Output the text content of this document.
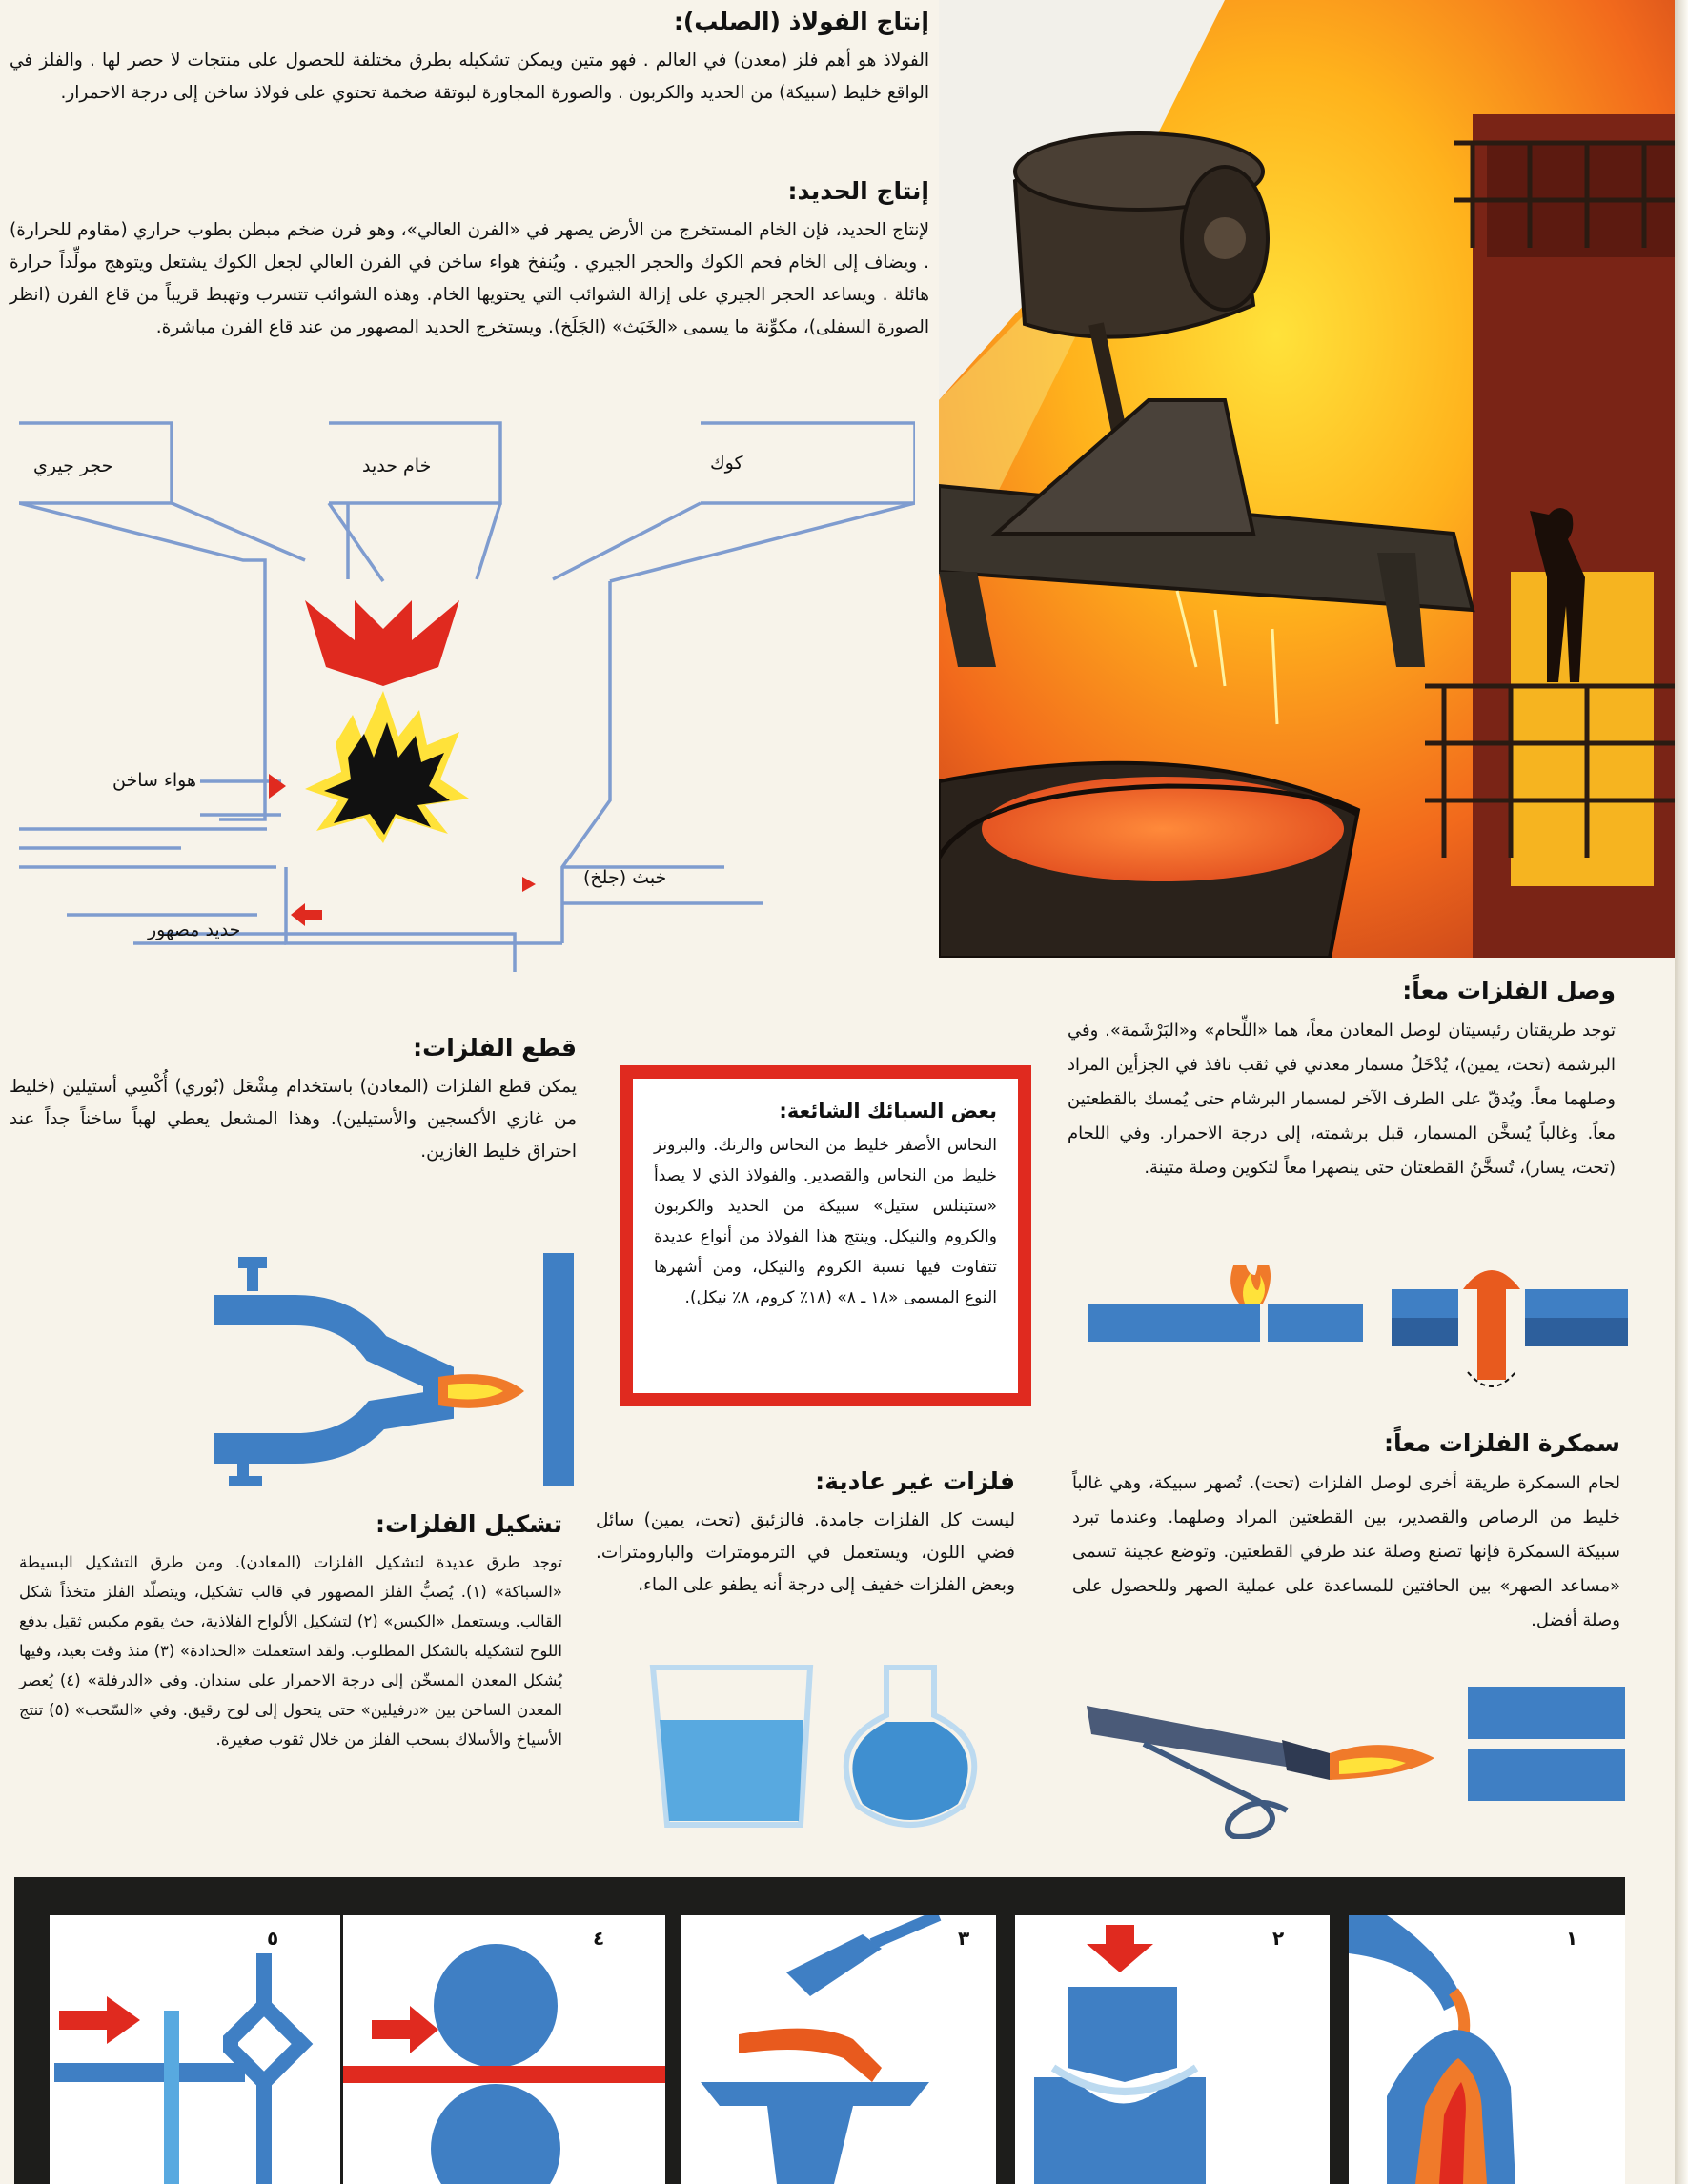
إنتاج الفولاذ (الصلب):

الفولاذ هو أهم فلز (معدن) في العالم . فهو متين ويمكن تشكيله بطرق مختلفة للحصول على منتجات لا حصر لها . والفلز في الواقع خليط (سبيكة) من الحديد والكربون . والصورة المجاورة لبوتقة ضخمة تحتوي على فولاذ ساخن إلى درجة الاحمرار.

إنتاج الحديد:

لإنتاج الحديد، فإن الخام المستخرج من الأرض يصهر في «الفرن العالي»، وهو فرن ضخم مبطن بطوب حراري (مقاوم للحرارة) . ويضاف إلى الخام فحم الكوك والحجر الجيري . ويُنفخ هواء ساخن في الفرن العالي لجعل الكوك يشتعل ويتوهج مولِّداً حرارة هائلة . ويساعد الحجر الجيري على إزالة الشوائب التي يحتويها الخام. وهذه الشوائب تتسرب وتهبط قريباً من قاع الفرن (انظر الصورة السفلى)، مكوِّنة ما يسمى «الخَبَث» (الجَلَخ). ويستخرج الحديد المصهور من عند قاع الفرن مباشرة.

حجر جيري	خام حديد	كوك
هواء ساخن
خبث (جلخ)
حديد مصهور
وصل الفلزات معاً:

توجد طريقتان رئيسيتان لوصل المعادن معاً، هما «اللِّحام» و«البَرْشَمة». وفي البرشمة (تحت، يمين)، يُدْخَلُ مسمار معدني في ثقب نافذ في الجزأين المراد وصلهما معاً. ويُدقّ على الطرف الآخر لمسمار البرشام حتى يُمسك بالقطعتين معاً. وغالباً يُسخَّن المسمار، قبل برشمته، إلى درجة الاحمرار. وفي اللحام (تحت، يسار)، تُسخَّنُ القطعتان حتى ينصهرا معاً لتكوين وصلة متينة.

قطع الفلزات:

يمكن قطع الفلزات (المعادن) باستخدام مِشْعَل (بُوري) أُكْسِي أستيلين (خليط من غازي الأكسجين والأستيلين). وهذا المشعل يعطي لهباً ساخناً جداً عند احتراق خليط الغازين.

بعض السبائك الشائعة:

النحاس الأصفر خليط من النحاس والزنك. والبرونز خليط من النحاس والقصدير. والفولاذ الذي لا يصدأ «ستينلس ستيل» سبيكة من الحديد والكربون والكروم والنيكل. وينتج هذا الفولاذ من أنواع عديدة تتفاوت فيها نسبة الكروم والنيكل، ومن أشهرها النوع المسمى «١٨ ـ ٨» (١٨٪ كروم، ٨٪ نيكل).

سمكرة الفلزات معاً:

لحام السمكرة طريقة أخرى لوصل الفلزات (تحت). تُصهر سبيكة، وهي غالباً خليط من الرصاص والقصدير، بين القطعتين المراد وصلهما. وعندما تبرد سبيكة السمكرة فإنها تصنع وصلة عند طرفي القطعتين. وتوضع عجينة تسمى «مساعد الصهر» بين الحافتين للمساعدة على عملية الصهر وللحصول على وصلة أفضل.

فلزات غير عادية:

ليست كل الفلزات جامدة. فالزئبق (تحت، يمين) سائل فضي اللون، ويستعمل في الترمومترات والبارومترات. وبعض الفلزات خفيف إلى درجة أنه يطفو على الماء.

تشكيل الفلزات:

توجد طرق عديدة لتشكيل الفلزات (المعادن). ومن طرق التشكيل البسيطة «السباكة» (١). يُصبُّ الفلز المصهور في قالب تشكيل، ويتصلّد الفلز متخذاً شكل القالب. ويستعمل «الكبس» (٢) لتشكيل الألواح الفلاذية، حث يقوم مكبس ثقيل بدفع اللوح لتشكيله بالشكل المطلوب. ولقد استعملت «الحدادة» (٣) منذ وقت بعيد، وفيها يُشكل المعدن المسخّن إلى درجة الاحمرار على سندان. وفي «الدرفلة» (٤) يُعصر المعدن الساخن بين «درفيلين» حتى يتحول إلى لوح رقيق. وفي «السّحب» (٥) تنتج الأسياخ والأسلاك بسحب الفلز من خلال ثقوب صغيرة.

٥	٤	٣	٢	١
